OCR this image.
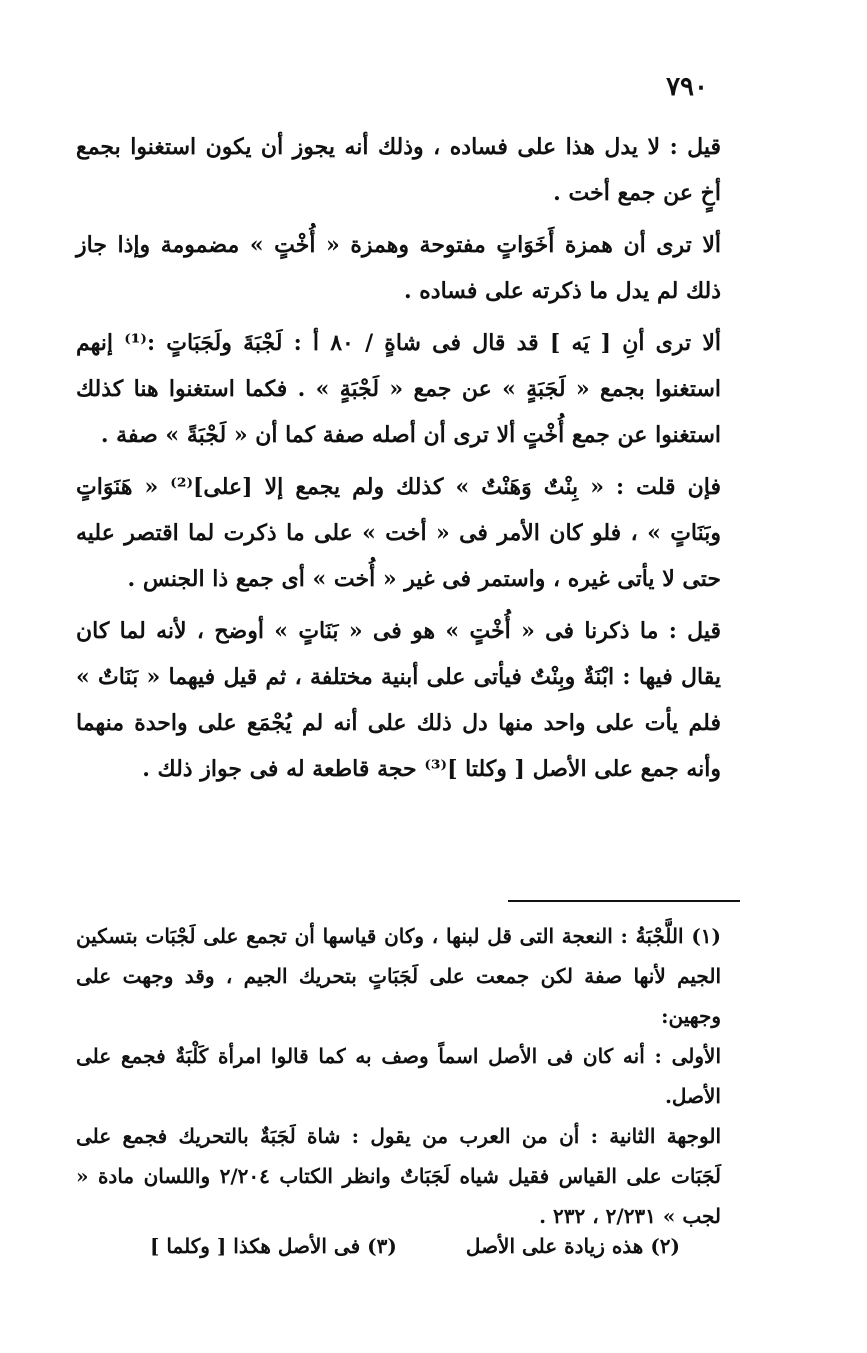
٧٩٠

قيل : لا يدل هذا على فساده ، وذلك أنه يجوز أن يكون استغنوا بجمع أخٍ عن جمع أخت .

ألا ترى أن همزة أَخَوَاتٍ مفتوحة وهمزة « أُخْتٍ » مضمومة وإذا جاز ذلك لم يدل ما ذكرته على فساده .

ألا ترى أنِ [ يَه ] قد قال فى شاةٍ / ٨٠ أ : لَجْبَةَ ولَجَبَاتٍ :⁽¹⁾ إنهم استغنوا بجمع « لَجَبَةٍ » عن جمع « لَجْبَةٍ » . فكما استغنوا هنا كذلك استغنوا عن جمع أُخْتٍ ألا ترى أن أصله صفة كما أن « لَجْبَةً » صفة .

فإن قلت : « بِنْتٌ وَهَنْتٌ » كذلك ولم يجمع إلا [على]⁽²⁾ « هَنَوَاتٍ وبَنَاتٍ » ، فلو كان الأمر فى « أخت » على ما ذكرت لما اقتصر عليه حتى لا يأتى غيره ، واستمر فى غير « أُخت » أى جمع ذا الجنس .

قيل : ما ذكرنا فى « أُخْتٍ » هو فى « بَنَاتٍ » أوضح ، لأنه لما كان يقال فيها : ابْنَةٌ وبِنْتٌ فيأتى على أبنية مختلفة ، ثم قيل فيهما « بَنَاتٌ » فلم يأت على واحد منها دل ذلك على أنه لم يُجْمَع على واحدة منهما وأنه جمع على الأصل [ وكلتا ]⁽³⁾ حجة قاطعة له فى جواز ذلك .

(١) اللَّجْبَةُ : النعجة التى قل لبنها ، وكان قياسها أن تجمع على لَجْبَات بتسكين الجيم لأنها صفة لكن جمعت على لَجَبَاتٍ بتحريك الجيم ، وقد وجهت على وجهين:

الأولى : أنه كان فى الأصل اسماً وصف به كما قالوا امرأة كَلْبَةٌ فجمع على الأصل.

الوجهة الثانية : أن من العرب من يقول : شاة لَجَبَةٌ بالتحريك فجمع على لَجَبَات على القياس فقيل شياه لَجَبَاتٌ وانظر الكتاب ٢/٢٠٤ واللسان مادة « لجب » ٢/٢٣١ ، ٢٣٢ .

(٢) هذه زيادة على الأصل
(٣) فى الأصل هكذا [ وكلما ]
